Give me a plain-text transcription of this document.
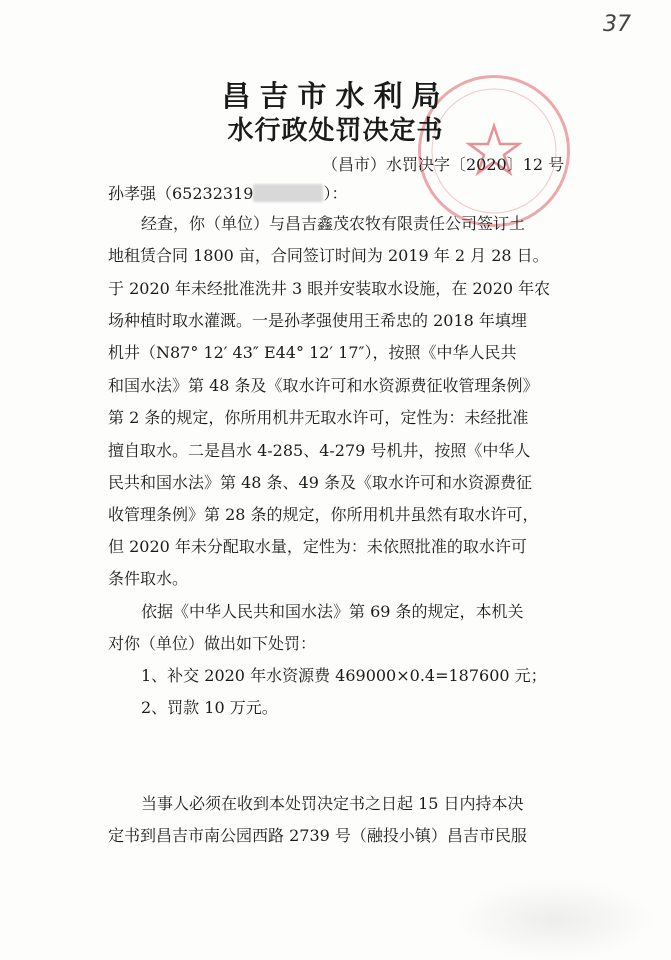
37
昌吉市水利局
水行政处罚决定书
（昌市）水罚决字〔2020〕12 号
孙孝强（65232319	）：
经查，你（单位）与昌吉鑫茂农牧有限责任公司签订土
地租赁合同 1800 亩，合同签订时间为 2019 年 2 月 28 日。
于 2020 年未经批准洗井 3 眼并安装取水设施，在 2020 年农
场种植时取水灌溉。一是孙孝强使用王希忠的 2018 年填埋
机井（N87° 12′ 43″ E44° 12′ 17″），按照《中华人民共
和国水法》第 48 条及《取水许可和水资源费征收管理条例》
第 2 条的规定，你所用机井无取水许可，定性为：未经批准
擅自取水。二是昌水 4-285、4-279 号机井，按照《中华人
民共和国水法》第 48 条、49 条及《取水许可和水资源费征
收管理条例》第 28 条的规定，你所用机井虽然有取水许可，
但 2020 年未分配取水量，定性为：未依照批准的取水许可
条件取水。
依据《中华人民共和国水法》第 69 条的规定，本机关
对你（单位）做出如下处罚：
1、补交 2020 年水资源费 469000×0.4=187600 元；
2、罚款 10 万元。
当事人必须在收到本处罚决定书之日起 15 日内持本决
定书到昌吉市南公园西路 2739 号（融投小镇）昌吉市民服
